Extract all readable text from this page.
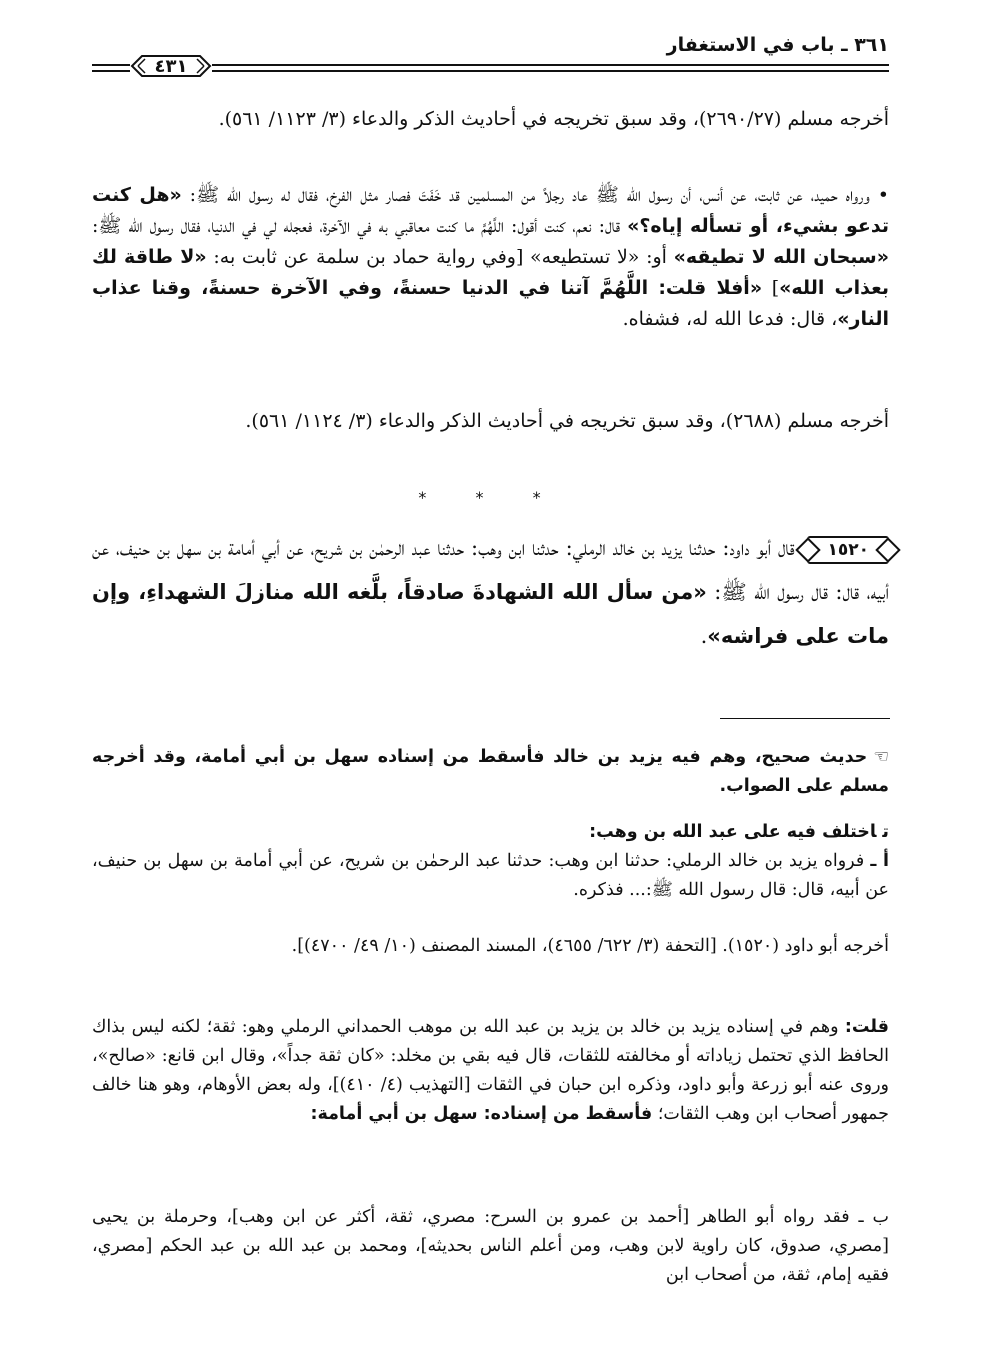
٣٦١ ـ باب في الاستغفار
٤٣١

أخرجه مسلم (٢٦٩٠/٢٧)، وقد سبق تخريجه في أحاديث الذكر والدعاء (٣/ ١١٢٣/ ٥٦١).

• ورواه حميد، عن ثابت، عن أنس، أن رسول الله ﷺ عاد رجلاً من المسلمين قد خَفَتَ فصار مثل الفرخ، فقال له رسول الله ﷺ: «هل كنت تدعو بشيء، أو تسأله إياه؟» قال: نعم، كنت أقول: اللَّهُمَّ ما كنت معاقبي به في الآخرة، فعجله لي في الدنيا، فقال رسول الله ﷺ: «سبحان الله لا تطيقه» أو: «لا تستطيعه» [وفي رواية حماد بن سلمة عن ثابت به: «لا طاقة لك بعذاب الله»] «أفلا قلت: اللَّهُمَّ آتنا في الدنيا حسنةً، وفي الآخرة حسنةً، وقنا عذاب النار»، قال: فدعا الله له، فشفاه.

أخرجه مسلم (٢٦٨٨)، وقد سبق تخريجه في أحاديث الذكر والدعاء (٣/ ١١٢٤/ ٥٦١).

* * *

١٥٢٠ قال أبو داود: حدثنا يزيد بن خالد الرملي: حدثنا ابن وهب: حدثنا عبد الرحمٰن بن شريح، عن أبي أمامة بن سهل بن حنيف، عن أبيه، قال: قال رسول الله ﷺ: «من سأل الله الشهادةَ صادقاً، بلَّغه الله منازلَ الشهداءِ، وإن مات على فراشه».

☜حديث صحيح، وهم فيه يزيد بن خالد فأسقط من إسناده سهل بن أبي أمامة، وقد أخرجه مسلم على الصواب.

تاختلف فيه على عبد الله بن وهب:

أ ـ فرواه يزيد بن خالد الرملي: حدثنا ابن وهب: حدثنا عبد الرحمٰن بن شريح، عن أبي أمامة بن سهل بن حنيف، عن أبيه، قال: قال رسول الله ﷺ:... فذكره.

أخرجه أبو داود (١٥٢٠). [التحفة (٣/ ٦٢٢/ ٤٦٥٥)، المسند المصنف (١٠/ ٤٩/ ٤٧٠٠)].

قلت: وهم في إسناده يزيد بن خالد بن يزيد بن عبد الله بن موهب الحمداني الرملي وهو: ثقة؛ لكنه ليس بذاك الحافظ الذي تحتمل زياداته أو مخالفته للثقات، قال فيه بقي بن مخلد: «كان ثقة جداً»، وقال ابن قانع: «صالح»، وروى عنه أبو زرعة وأبو داود، وذكره ابن حبان في الثقات [التهذيب (٤/ ٤١٠)]، وله بعض الأوهام، وهو هنا خالف جمهور أصحاب ابن وهب الثقات؛ فأسقط من إسناده: سهل بن أبي أمامة:

ب ـ فقد رواه أبو الطاهر [أحمد بن عمرو بن السرح: مصري، ثقة، أكثر عن ابن وهب]، وحرملة بن يحيى [مصري، صدوق، كان راوية لابن وهب، ومن أعلم الناس بحديثه]، ومحمد بن عبد الله بن عبد الحكم [مصري، فقيه إمام، ثقة، من أصحاب ابن
